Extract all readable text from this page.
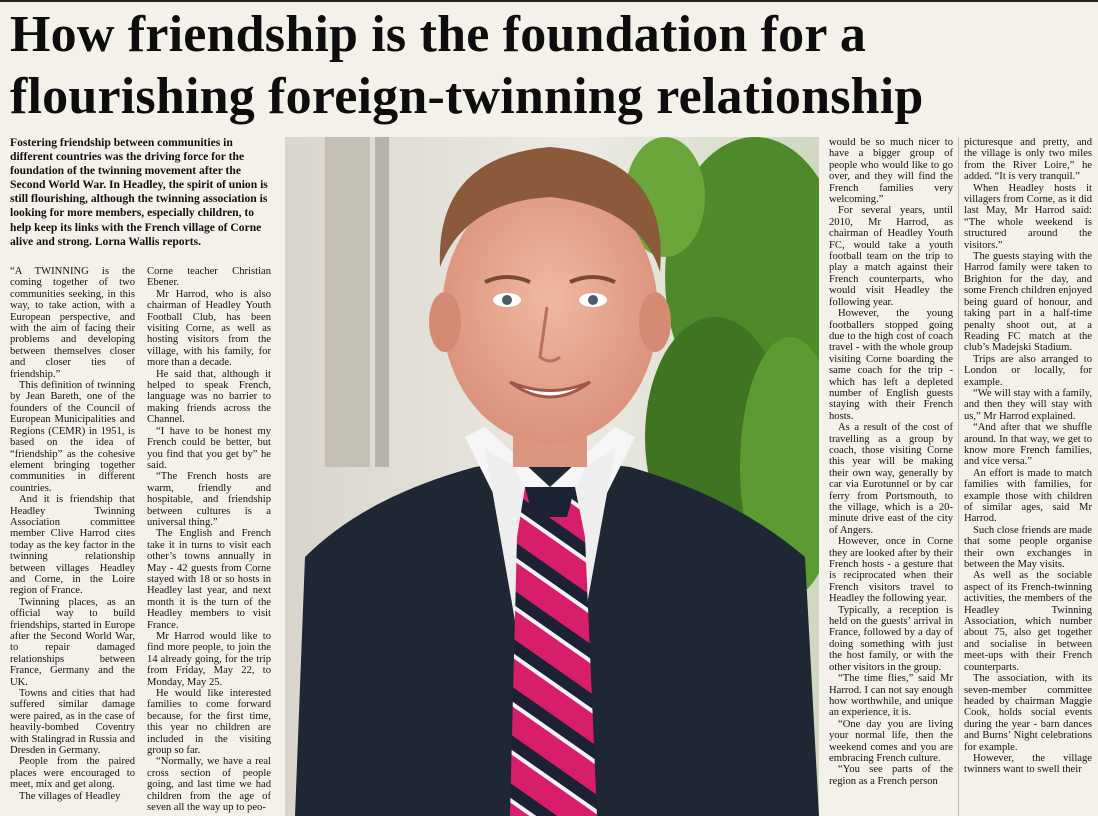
How friendship is the foundation for a
flourishing foreign-twinning relationship
Fostering friendship between communities in different countries was the driving force for the foundation of the twinning movement after the Second World War. In Headley, the spirit of union is still flourishing, although the twinning association is looking for more members, especially children, to help keep its links with the French village of Corne alive and strong. Lorna Wallis reports.

“A TWINNING is the coming together of two communities seeking, in this way, to take action, with a European perspective, and with the aim of facing their problems and developing between themselves closer and closer ties of friendship.”

This definition of twinning by Jean Bareth, one of the founders of the Council of European Municipalities and Regions (CEMR) in 1951, is based on the idea of “friendship” as the cohesive element bringing together communities in different countries.

And it is friendship that Headley Twinning Association committee member Clive Harrod cites today as the key factor in the twinning relationship between villages Headley and Corne, in the Loire region of France.

Twinning places, as an official way to build friendships, started in Europe after the Second World War, to repair damaged relationships between France, Germany and the UK.

Towns and cities that had suffered similar damage were paired, as in the case of heavily-bombed Coventry with Stalingrad in Russia and Dresden in Germany.

People from the paired places were encouraged to meet, mix and get along.

The villages of Headley

Corne teacher Christian Ebener.

Mr Harrod, who is also chairman of Headley Youth Football Club, has been visiting Corne, as well as hosting visitors from the village, with his family, for more than a decade.

He said that, although it helped to speak French, language was no barrier to making friends across the Channel.

“I have to be honest my French could be better, but you find that you get by” he said.

“The French hosts are warm, friendly and hospitable, and friendship between cultures is a universal thing.”

The English and French take it in turns to visit each other’s towns annually in May - 42 guests from Corne stayed with 18 or so hosts in Headley last year, and next month it is the turn of the Headley members to visit France.

Mr Harrod would like to find more people, to join the 14 already going, for the trip from Friday, May 22, to Monday, May 25.

He would like interested families to come forward because, for the first time, this year no children are included in the visiting group so far.

“Normally, we have a real cross section of people going, and last time we had children from the age of seven all the way up to peo-

would be so much nicer to have a bigger group of people who would like to go over, and they will find the French families very welcoming.”

For several years, until 2010, Mr Harrod, as chairman of Headley Youth FC, would take a youth football team on the trip to play a match against their French counterparts, who would visit Headley the following year.

However, the young footballers stopped going due to the high cost of coach travel - with the whole group visiting Corne boarding the same coach for the trip - which has left a depleted number of English guests staying with their French hosts.

As a result of the cost of travelling as a group by coach, those visiting Corne this year will be making their own way, generally by car via Eurotunnel or by car ferry from Portsmouth, to the village, which is a 20-minute drive east of the city of Angers.

However, once in Corne they are looked after by their French hosts - a gesture that is reciprocated when their French visitors travel to Headley the following year.

Typically, a reception is held on the guests’ arrival in France, followed by a day of doing something with just the host family, or with the other visitors in the group.

“The time flies,” said Mr Harrod. I can not say enough how worthwhile, and unique an experience, it is.

“One day you are living your normal life, then the weekend comes and you are embracing French culture.

“You see parts of the region as a French person

picturesque and pretty, and the village is only two miles from the River Loire,” he added. “It is very tranquil.”

When Headley hosts it villagers from Corne, as it did last May, Mr Harrod said: “The whole weekend is structured around the visitors.”

The guests staying with the Harrod family were taken to Brighton for the day, and some French children enjoyed being guard of honour, and taking part in a half-time penalty shoot out, at a Reading FC match at the club’s Madejski Stadium.

Trips are also arranged to London or locally, for example.

“We will stay with a family, and then they will stay with us,” Mr Harrod explained.

“And after that we shuffle around. In that way, we get to know more French families, and vice versa.”

An effort is made to match families with families, for example those with children of similar ages, said Mr Harrod.

Such close friends are made that some people organise their own exchanges in between the May visits.

As well as the sociable aspect of its French-twinning activities, the members of the Headley Twinning Association, which number about 75, also get together and socialise in between meet-ups with their French counterparts.

The association, with its seven-member committee headed by chairman Maggie Cook, holds social events during the year - barn dances and Burns’ Night celebrations for example.

However, the village twinners want to swell their
